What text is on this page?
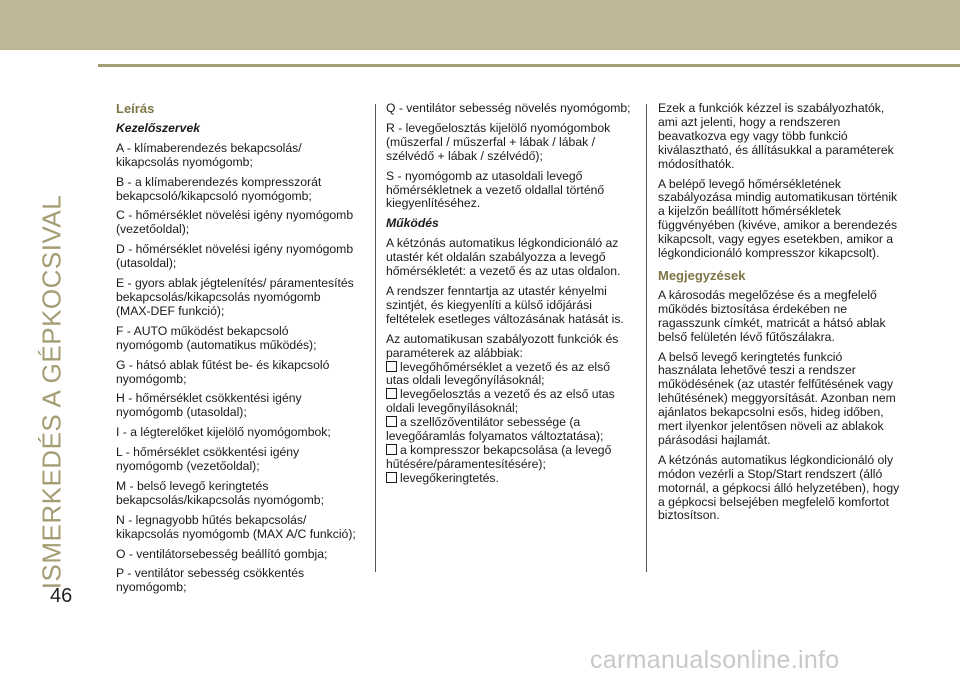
ISMERKEDÉS A GÉPKOCSIVAL
46
carmanualsonline.info

Leírás

Kezelőszervek

A - klímaberendezés bekapcsolás/ kikapcsolás nyomógomb;

B - a klímaberendezés kompresszorát bekapcsoló/kikapcsoló nyomógomb;

C - hőmérséklet növelési igény nyomógomb (vezetőoldal);

D - hőmérséklet növelési igény nyomógomb (utasoldal);

E - gyors ablak jégtelenítés/ páramentesítés bekapcsolás/kikapcsolás nyomógomb (MAX-DEF funkció);

F - AUTO működést bekapcsoló nyomógomb (automatikus működés);

G - hátsó ablak fűtést be- és kikapcsoló nyomógomb;

H - hőmérséklet csökkentési igény nyomógomb (utasoldal);

I - a légterelőket kijelölő nyomógombok;

L - hőmérséklet csökkentési igény nyomógomb (vezetőoldal);

M - belső levegő keringtetés bekapcsolás/kikapcsolás nyomógomb;

N - legnagyobb hűtés bekapcsolás/ kikapcsolás nyomógomb (MAX A/C funkció);

O - ventilátorsebesség beállító gombja;

P - ventilátor sebesség csökkentés nyomógomb;

Q - ventilátor sebesség növelés nyomógomb;

R - levegőelosztás kijelölő nyomógombok (műszerfal / műszerfal + lábak / lábak / szélvédő + lábak / szélvédő);

S - nyomógomb az utasoldali levegő hőmérsékletnek a vezető oldallal történő kiegyenlítéséhez.

Működés

A kétzónás automatikus légkondicionáló az utastér két oldalán szabályozza a levegő hőmérsékletét: a vezető és az utas oldalon.

A rendszer fenntartja az utastér kényelmi szintjét, és kiegyenlíti a külső időjárási feltételek esetleges változásának hatását is.

Az automatikusan szabályozott funkciók és paraméterek az alábbiak:

levegőhőmérséklet a vezető és az első utas oldali levegőnyílásoknál;

levegőelosztás a vezető és az első utas oldali levegőnyílásoknál;

a szellőzőventilátor sebessége (a levegőáramlás folyamatos változtatása);

a kompresszor bekapcsolása (a levegő hűtésére/páramentesítésére);

levegőkeringtetés.

Ezek a funkciók kézzel is szabályozhatók, ami azt jelenti, hogy a rendszeren beavatkozva egy vagy több funkció kiválasztható, és állításukkal a paraméterek módosíthatók.

A belépő levegő hőmérsékletének szabályozása mindig automatikusan történik a kijelzőn beállított hőmérsékletek függvényében (kivéve, amikor a berendezés kikapcsolt, vagy egyes esetekben, amikor a légkondicionáló kompresszor kikapcsolt).

Megjegyzések

A károsodás megelőzése és a megfelelő működés biztosítása érdekében ne ragasszunk címkét, matricát a hátsó ablak belső felületén lévő fűtőszálakra.

A belső levegő keringtetés funkció használata lehetővé teszi a rendszer működésének (az utastér felfűtésének vagy lehűtésének) meggyorsítását. Azonban nem ajánlatos bekapcsolni esős, hideg időben, mert ilyenkor jelentősen növeli az ablakok párásodási hajlamát.

A kétzónás automatikus légkondicionáló oly módon vezérli a Stop/Start rendszert (álló motornál, a gépkocsi álló helyzetében), hogy a gépkocsi belsejében megfelelő komfortot biztosítson.
